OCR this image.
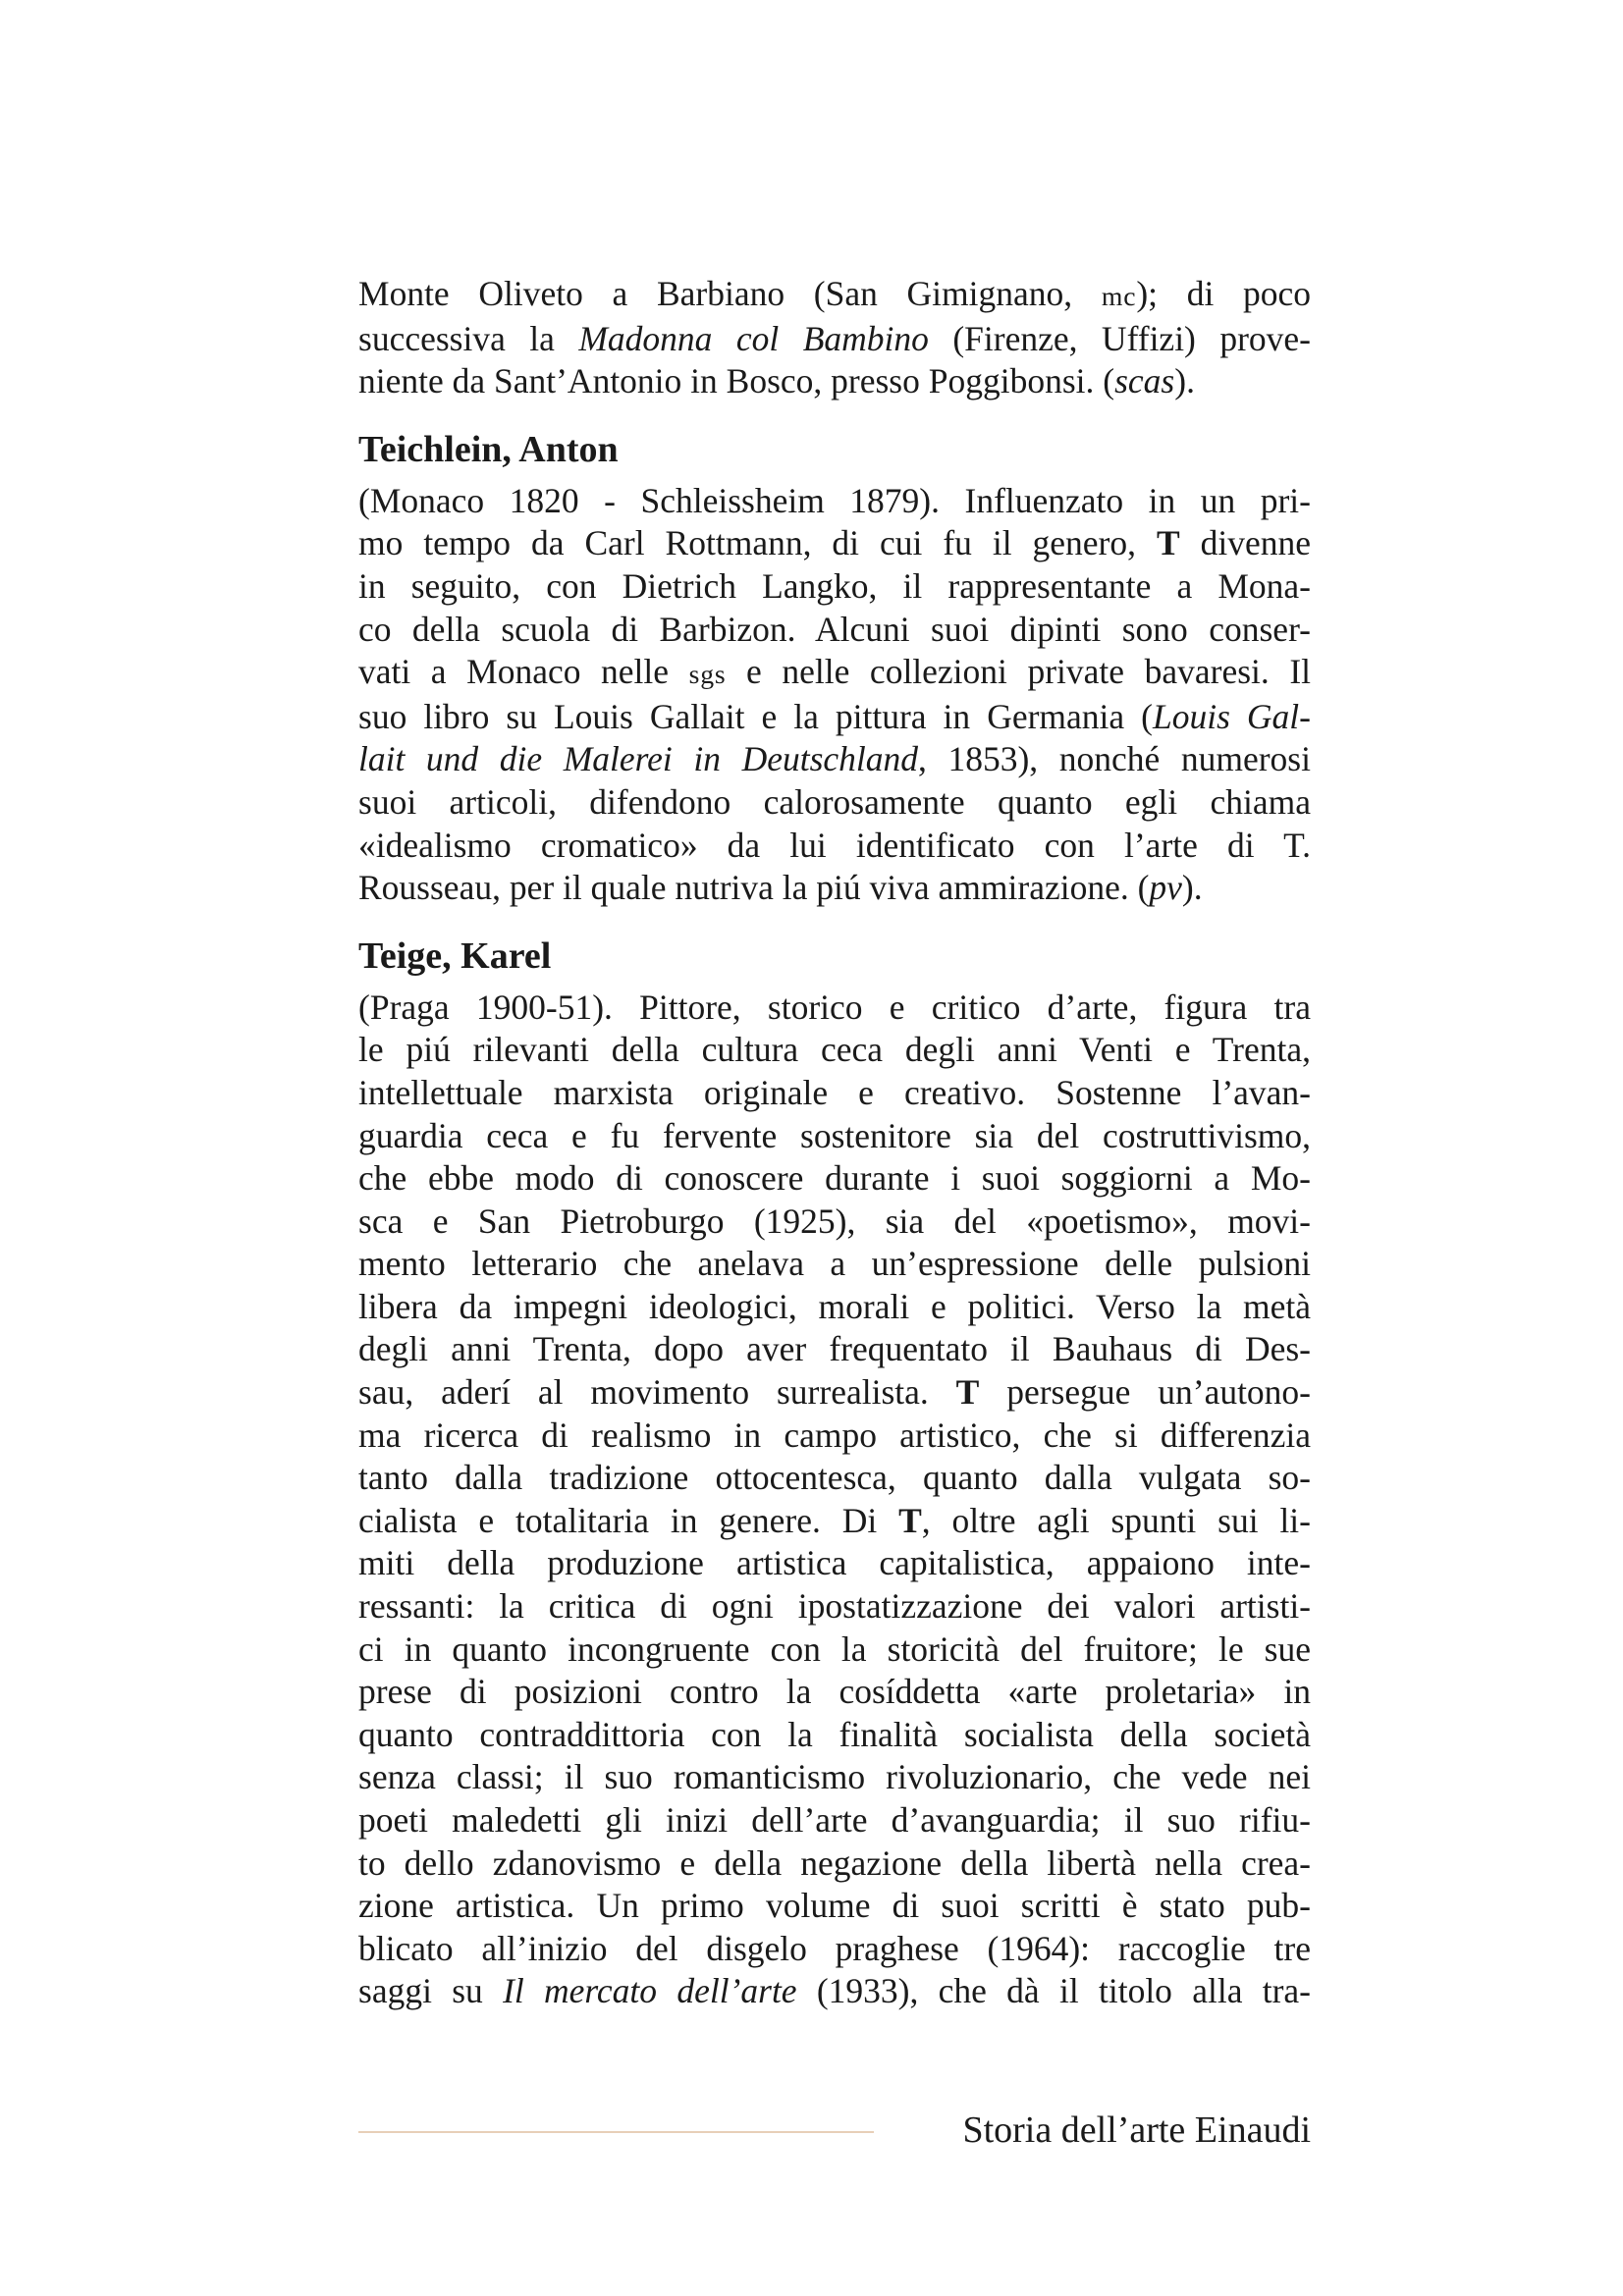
Monte Oliveto a Barbiano (San Gimignano, mc); di poco
successiva la Madonna col Bambino (Firenze, Uffizi) prove-
niente da Sant’Antonio in Bosco, presso Poggibonsi. (scas).
Teichlein, Anton
(Monaco 1820 - Schleissheim 1879). Influenzato in un pri-
mo tempo da Carl Rottmann, di cui fu il genero, T divenne
in seguito, con Dietrich Langko, il rappresentante a Mona-
co della scuola di Barbizon. Alcuni suoi dipinti sono conser-
vati a Monaco nelle sgs e nelle collezioni private bavaresi. Il
suo libro su Louis Gallait e la pittura in Germania (Louis Gal-
lait und die Malerei in Deutschland, 1853), nonché numerosi
suoi articoli, difendono calorosamente quanto egli chiama
«idealismo cromatico» da lui identificato con l’arte di T.
Rousseau, per il quale nutriva la piú viva ammirazione. (pv).
Teige, Karel
(Praga 1900-51). Pittore, storico e critico d’arte, figura tra
le piú rilevanti della cultura ceca degli anni Venti e Trenta,
intellettuale marxista originale e creativo. Sostenne l’avan-
guardia ceca e fu fervente sostenitore sia del costruttivismo,
che ebbe modo di conoscere durante i suoi soggiorni a Mo-
sca e San Pietroburgo (1925), sia del «poetismo», movi-
mento letterario che anelava a un’espressione delle pulsioni
libera da impegni ideologici, morali e politici. Verso la metà
degli anni Trenta, dopo aver frequentato il Bauhaus di Des-
sau, aderí al movimento surrealista. T persegue un’autono-
ma ricerca di realismo in campo artistico, che si differenzia
tanto dalla tradizione ottocentesca, quanto dalla vulgata so-
cialista e totalitaria in genere. Di T, oltre agli spunti sui li-
miti della produzione artistica capitalistica, appaiono inte-
ressanti: la critica di ogni ipostatizzazione dei valori artisti-
ci in quanto incongruente con la storicità del fruitore; le sue
prese di posizioni contro la cosíddetta «arte proletaria» in
quanto contraddittoria con la finalità socialista della società
senza classi; il suo romanticismo rivoluzionario, che vede nei
poeti maledetti gli inizi dell’arte d’avanguardia; il suo rifiu-
to dello zdanovismo e della negazione della libertà nella crea-
zione artistica. Un primo volume di suoi scritti è stato pub-
blicato all’inizio del disgelo praghese (1964): raccoglie tre
saggi su Il mercato dell’arte (1933), che dà il titolo alla tra-
Storia dell’arte Einaudi
